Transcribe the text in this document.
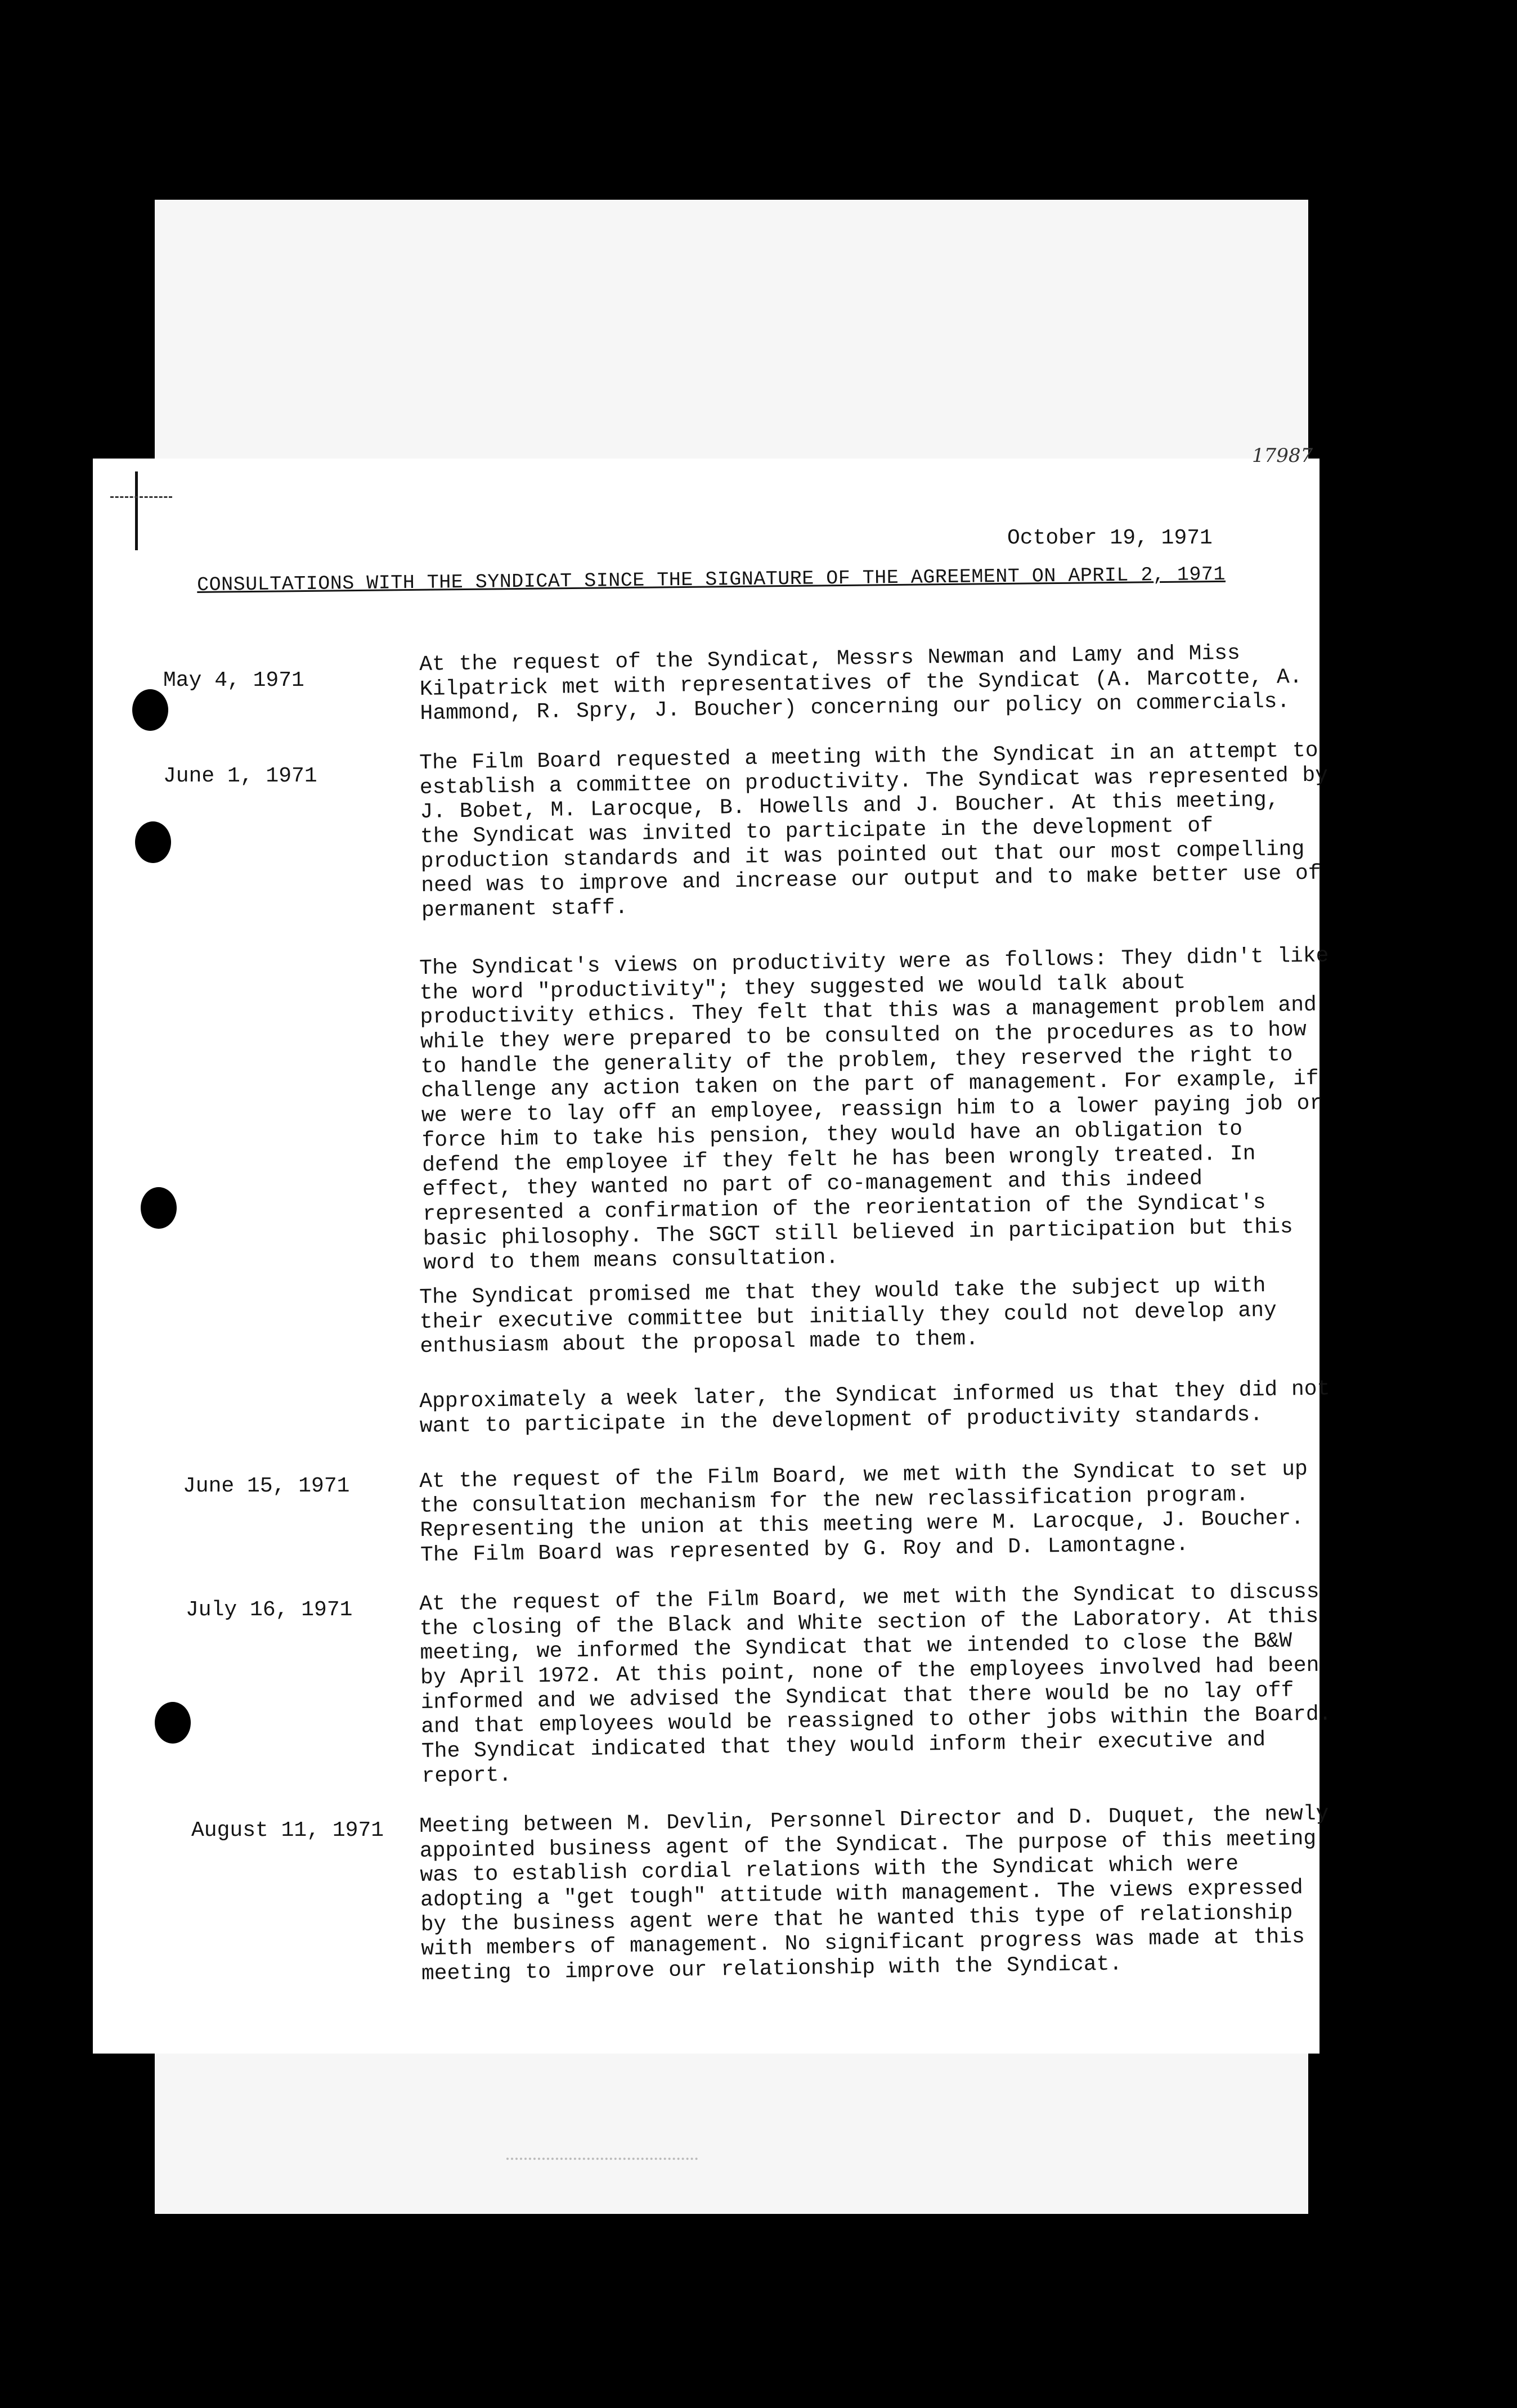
17987
October 19, 1971
CONSULTATIONS WITH THE SYNDICAT SINCE THE SIGNATURE OF THE AGREEMENT ON APRIL 2, 1971
May 4, 1971

At the request of the Syndicat, Messrs Newman and Lamy and Miss Kilpatrick met with representatives of the Syndicat (A. Marcotte, A. Hammond, R. Spry, J. Boucher) concerning our policy on commercials.

June 1, 1971

The Film Board requested a meeting with the Syndicat in an attempt to establish a committee on productivity. The Syndicat was represented by J. Bobet, M. Larocque, B. Howells and J. Boucher. At this meeting, the Syndicat was invited to participate in the development of production standards and it was pointed out that our most compelling need was to improve and increase our output and to make better use of permanent staff.

The Syndicat's views on productivity were as follows: They didn't like the word "productivity"; they suggested we would talk about productivity ethics. They felt that this was a management problem and while they were prepared to be consulted on the procedures as to how to handle the generality of the problem, they reserved the right to challenge any action taken on the part of management. For example, if we were to lay off an employee, reassign him to a lower paying job or force him to take his pension, they would have an obligation to defend the employee if they felt he has been wrongly treated. In effect, they wanted no part of co-management and this indeed represented a confirmation of the reorientation of the Syndicat's basic philosophy. The SGCT still believed in participation but this word to them means consultation.

The Syndicat promised me that they would take the subject up with their executive committee but initially they could not develop any enthusiasm about the proposal made to them.

Approximately a week later, the Syndicat informed us that they did not want to participate in the development of productivity standards.

June 15, 1971	At the request of the Film Board, we met with the Syndicat to set up the consultation mechanism for the new reclassification program. Representing the union at this meeting were M. Larocque, J. Boucher. The Film Board was represented by G. Roy and D. Lamontagne.

July 16, 1971	At the request of the Film Board, we met with the Syndicat to discuss the closing of the Black and White section of the Laboratory. At this meeting, we informed the Syndicat that we intended to close the B&W by April 1972. At this point, none of the employees involved had been informed and we advised the Syndicat that there would be no lay off and that employees would be reassigned to other jobs within the Board. The Syndicat indicated that they would inform their executive and report.

August 11, 1971 Meeting between M. Devlin, Personnel Director and D. Duquet, the newly appointed business agent of the Syndicat. The purpose of this meeting was to establish cordial relations with the Syndicat which were adopting a "get tough" attitude with management. The views expressed by the business agent were that he wanted this type of relationship with members of management. No significant progress was made at this meeting to improve our relationship with the Syndicat.
